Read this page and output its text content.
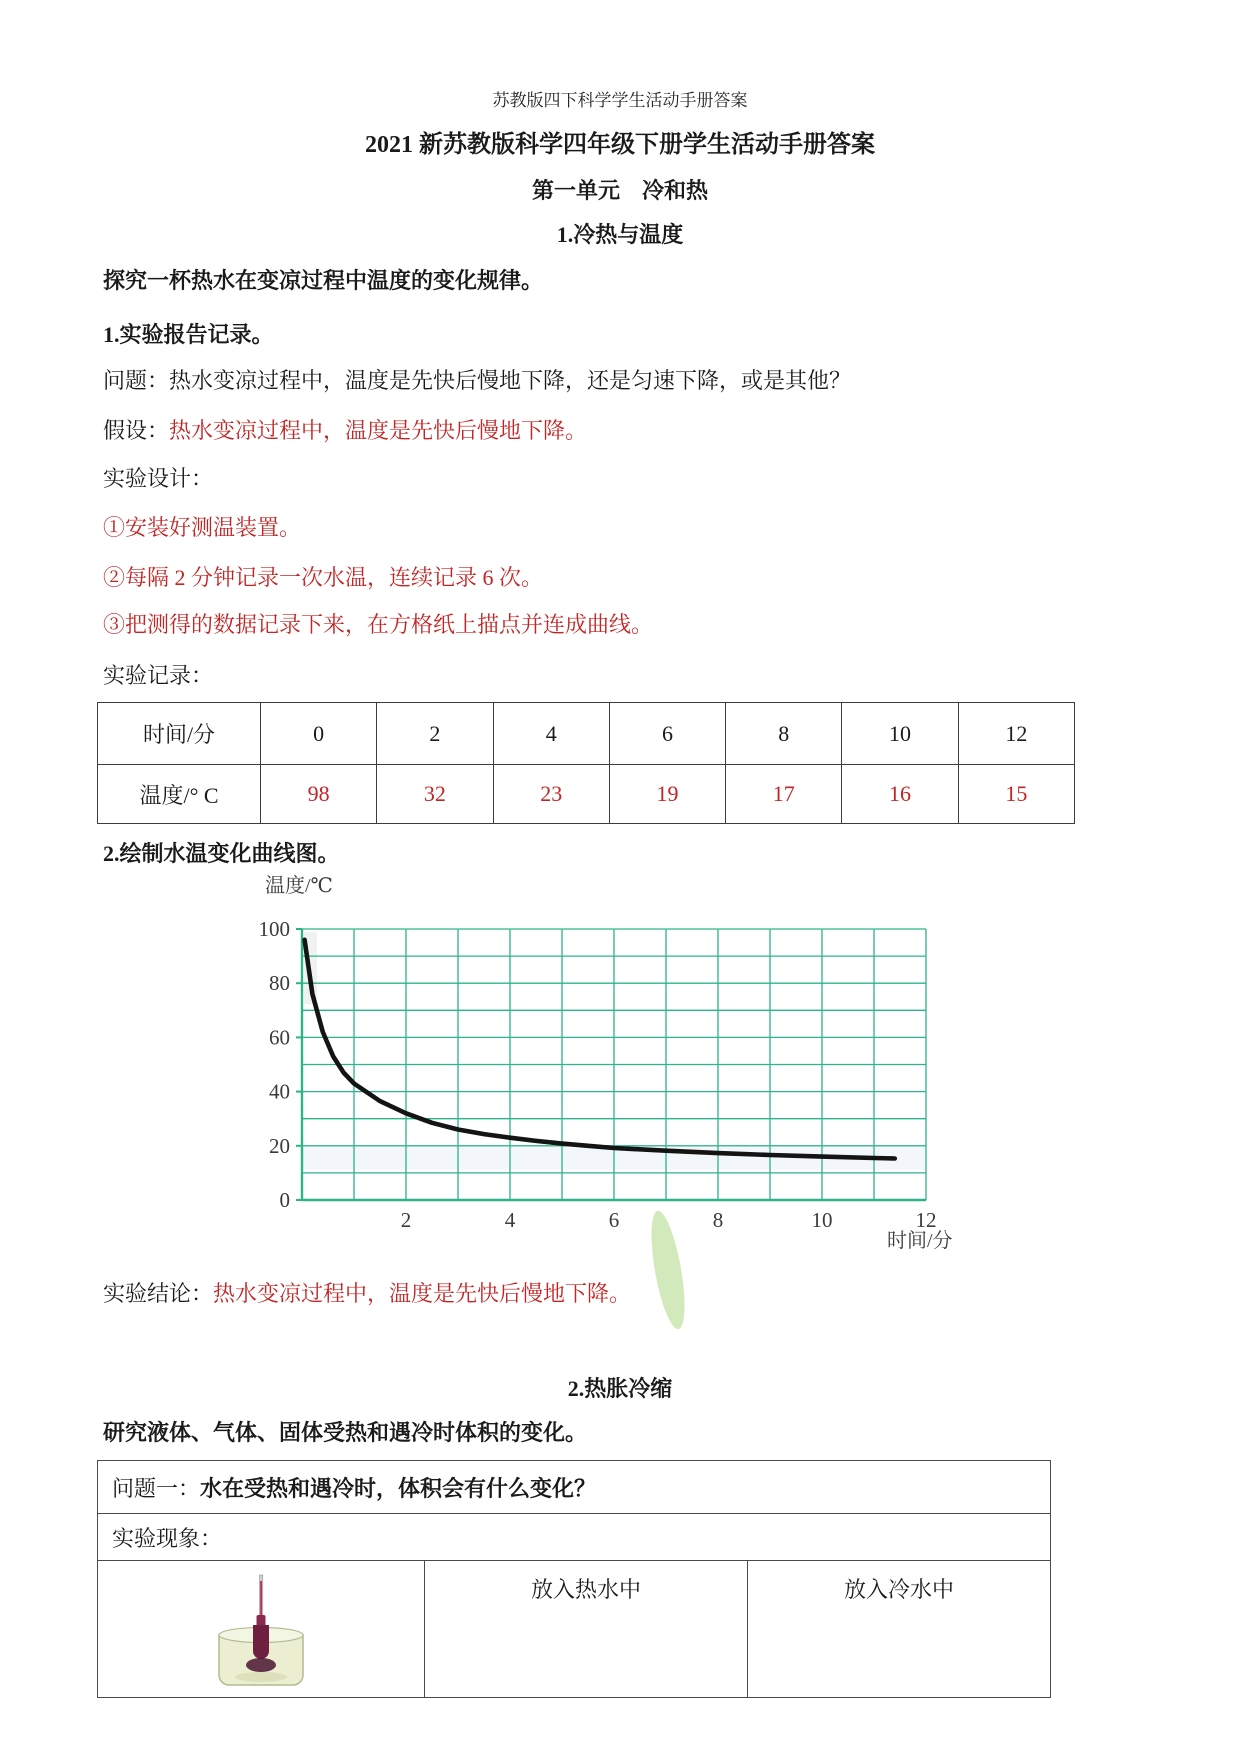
苏教版四下科学学生活动手册答案
2021 新苏教版科学四年级下册学生活动手册答案
第一单元　冷和热
1.冷热与温度
探究一杯热水在变凉过程中温度的变化规律。
1.实验报告记录。
问题：热水变凉过程中，温度是先快后慢地下降，还是匀速下降，或是其他？
假设：热水变凉过程中，温度是先快后慢地下降。
实验设计：
①安装好测温装置。
②每隔 2 分钟记录一次水温，连续记录 6 次。
③把测得的数据记录下来，在方格纸上描点并连成曲线。
实验记录：
时间/分	0	2	4	6	8	10	12
温度/° C	98	32	23	19	17	16	15
2.绘制水温变化曲线图。
0
20
40
60
80
100
2	4	6	8	10	12
温度/℃
时间/分
实验结论：热水变凉过程中，温度是先快后慢地下降。
2.热胀冷缩
研究液体、气体、固体受热和遇冷时体积的变化。
问题一：水在受热和遇冷时，体积会有什么变化？
实验现象：
	放入热水中	放入冷水中
